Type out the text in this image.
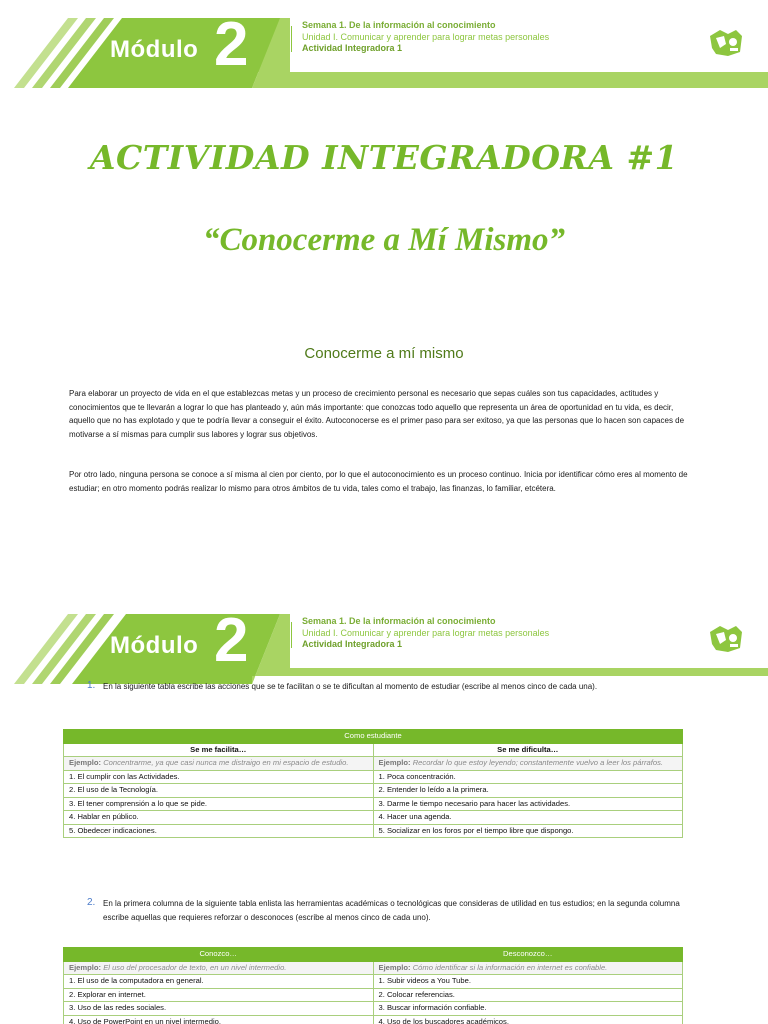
Módulo 2	Semana 1. De la información al conocimiento
Unidad I. Comunicar y aprender para lograr metas personales
Actividad Integradora 1
ACTIVIDAD INTEGRADORA #1
“Conocerme a Mí Mismo”
Conocerme a mí mismo
Para elaborar un proyecto de vida en el que establezcas metas y un proceso de crecimiento personal es necesario que sepas cuáles son tus capacidades, actitudes y conocimientos que te llevarán a lograr lo que has planteado y, aún más importante: que conozcas todo aquello que representa un área de oportunidad en tu vida, es decir, aquello que no has explotado y que te podría llevar a conseguir el éxito. Autoconocerse es el primer paso para ser exitoso, ya que las personas que lo hacen son capaces de motivarse a sí mismas para cumplir sus labores y lograr sus objetivos.
Por otro lado, ninguna persona se conoce a sí misma al cien por ciento, por lo que el autoconocimiento es un proceso continuo. Inicia por identificar cómo eres al momento de estudiar; en otro momento podrás realizar lo mismo para otros ámbitos de tu vida, tales como el trabajo, las finanzas, lo familiar, etcétera.
Módulo 2	Semana 1. De la información al conocimiento
Unidad I. Comunicar y aprender para lograr metas personales
Actividad Integradora 1
1. En la siguiente tabla escribe las acciones que se te facilitan o se te dificultan al momento de estudiar (escribe al menos cinco de cada una).
Como estudiante	
Se me facilita…	Se me dificulta…
Ejemplo: Concentrarme, ya que casi nunca me distraigo en mi espacio de estudio.	Ejemplo: Recordar lo que estoy leyendo; constantemente vuelvo a leer los párrafos.
1. El cumplir con las Actividades.	1. Poca concentración.
2. El uso de la Tecnología.	2. Entender lo leído a la primera.
3. El tener comprensión a lo que se pide.	3. Darme le tiempo necesario para hacer las actividades.
4. Hablar en público.	4. Hacer una agenda.
5. Obedecer indicaciones.	5. Socializar en los foros por el tiempo libre que dispongo.
2. En la primera columna de la siguiente tabla enlista las herramientas académicas o tecnológicas que consideras de utilidad en tus estudios; en la segunda columna escribe aquellas que requieres reforzar o desconoces (escribe al menos cinco de cada uno).
Conozco…	Desconozco…
Ejemplo: El uso del procesador de texto, en un nivel intermedio.	Ejemplo: Cómo identificar si la información en internet es confiable.
1. El uso de la computadora en general.	1. Subir videos a You Tube.
2. Explorar en internet.	2. Colocar referencias.
3. Uso de las redes sociales.	3. Buscar información confiable.
4. Uso de PowerPoint en un nivel intermedio.	4. Uso de los buscadores académicos.
